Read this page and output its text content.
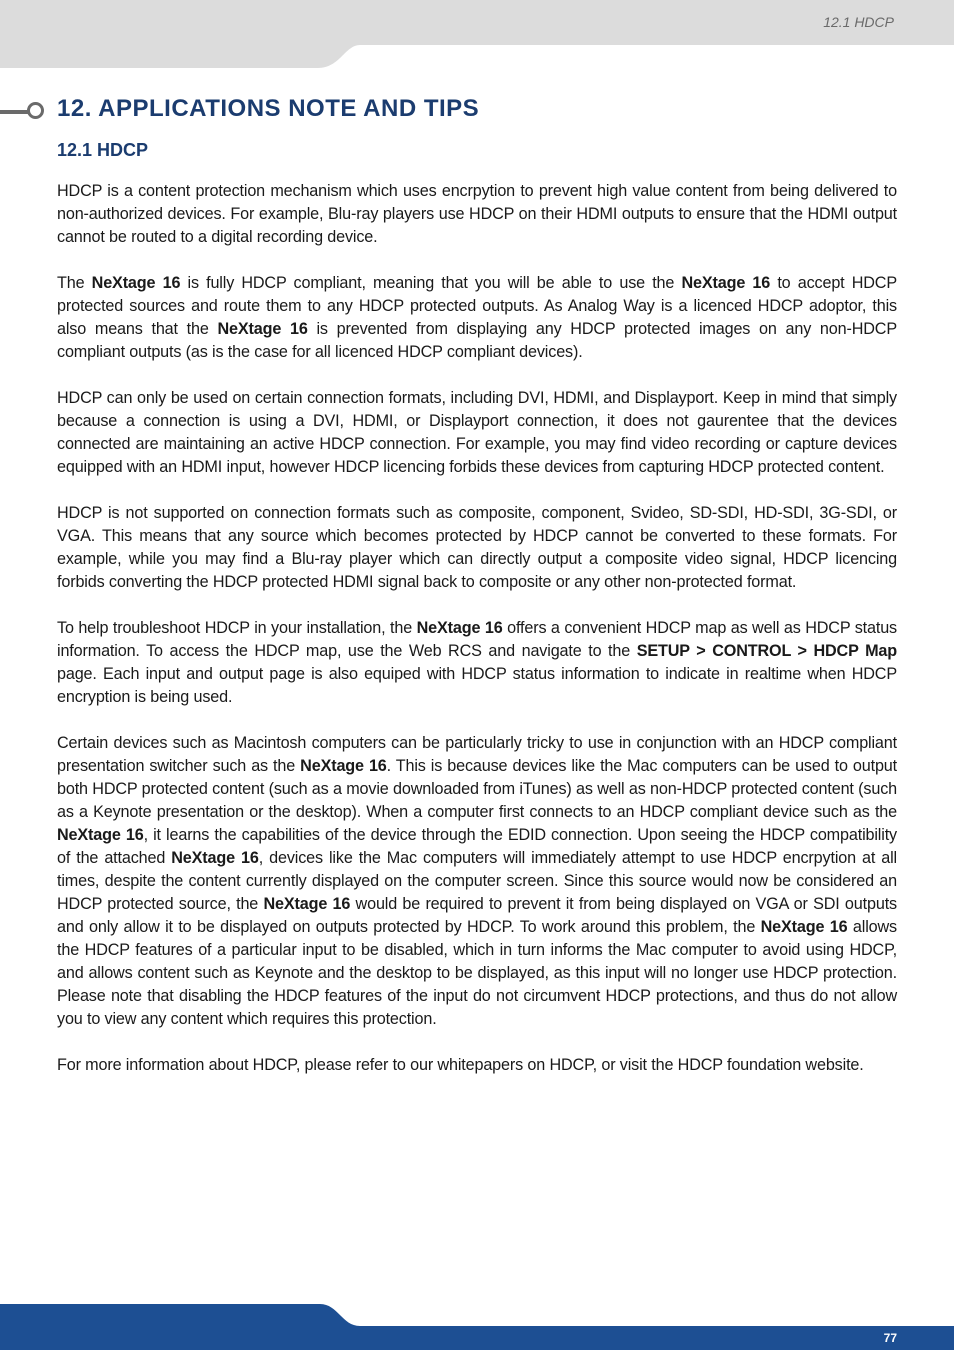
12.1 HDCP
12. APPLICATIONS NOTE AND TIPS
12.1 HDCP

HDCP is a content protection mechanism which uses encrpytion to prevent high value content from being delivered to non-authorized devices. For example, Blu-ray players use HDCP on their HDMI outputs to ensure that the HDMI output cannot be routed to a digital recording device.

The NeXtage 16 is fully HDCP compliant, meaning that you will be able to use the NeXtage 16 to accept HDCP protected sources and route them to any HDCP protected outputs. As Analog Way is a licenced HDCP adoptor, this also means that the NeXtage 16 is prevented from displaying any HDCP protected images on any non-HDCP compliant outputs (as is the case for all licenced HDCP compliant devices).

HDCP can only be used on certain connection formats, including DVI, HDMI, and Displayport. Keep in mind that simply because a connection is using a DVI, HDMI, or Displayport connection, it does not gaurentee that the devices connected are maintaining an active HDCP connection. For example, you may find video recording or capture devices equipped with an HDMI input, however HDCP licencing forbids these devices from capturing HDCP protected content.

HDCP is not supported on connection formats such as composite, component, Svideo, SD-SDI, HD-SDI, 3G-SDI, or VGA. This means that any source which becomes protected by HDCP cannot be converted to these formats. For example, while you may find a Blu-ray player which can directly output a composite video signal, HDCP licencing forbids converting the HDCP protected HDMI signal back to composite or any other non-protected format.

To help troubleshoot HDCP in your installation, the NeXtage 16 offers a convenient HDCP map as well as HDCP status information. To access the HDCP map, use the Web RCS and navigate to the SETUP > CONTROL > HDCP Map page. Each input and output page is also equiped with HDCP status information to indicate in realtime when HDCP encryption is being used.

Certain devices such as Macintosh computers can be particularly tricky to use in conjunction with an HDCP compliant presentation switcher such as the NeXtage 16. This is because devices like the Mac computers can be used to output both HDCP protected content (such as a movie downloaded from iTunes) as well as non-HDCP protected content (such as a Keynote presentation or the desktop). When a computer first connects to an HDCP compliant device such as the NeXtage 16, it learns the capabilities of the device through the EDID connection. Upon seeing the HDCP compatibility of the attached NeXtage 16, devices like the Mac computers will immediately attempt to use HDCP encrpytion at all times, despite the content currently displayed on the computer screen. Since this source would now be considered an HDCP protected source, the NeXtage 16 would be required to prevent it from being displayed on VGA or SDI outputs and only allow it to be displayed on outputs protected by HDCP. To work around this problem, the NeXtage 16 allows the HDCP features of a particular input to be disabled, which in turn informs the Mac computer to avoid using HDCP, and allows content such as Keynote and the desktop to be displayed, as this input will no longer use HDCP protection. Please note that disabling the HDCP features of the input do not circumvent HDCP protections, and thus do not allow you to view any content which requires this protection.

For more information about HDCP, please refer to our whitepapers on HDCP, or visit the HDCP foundation website.

77
